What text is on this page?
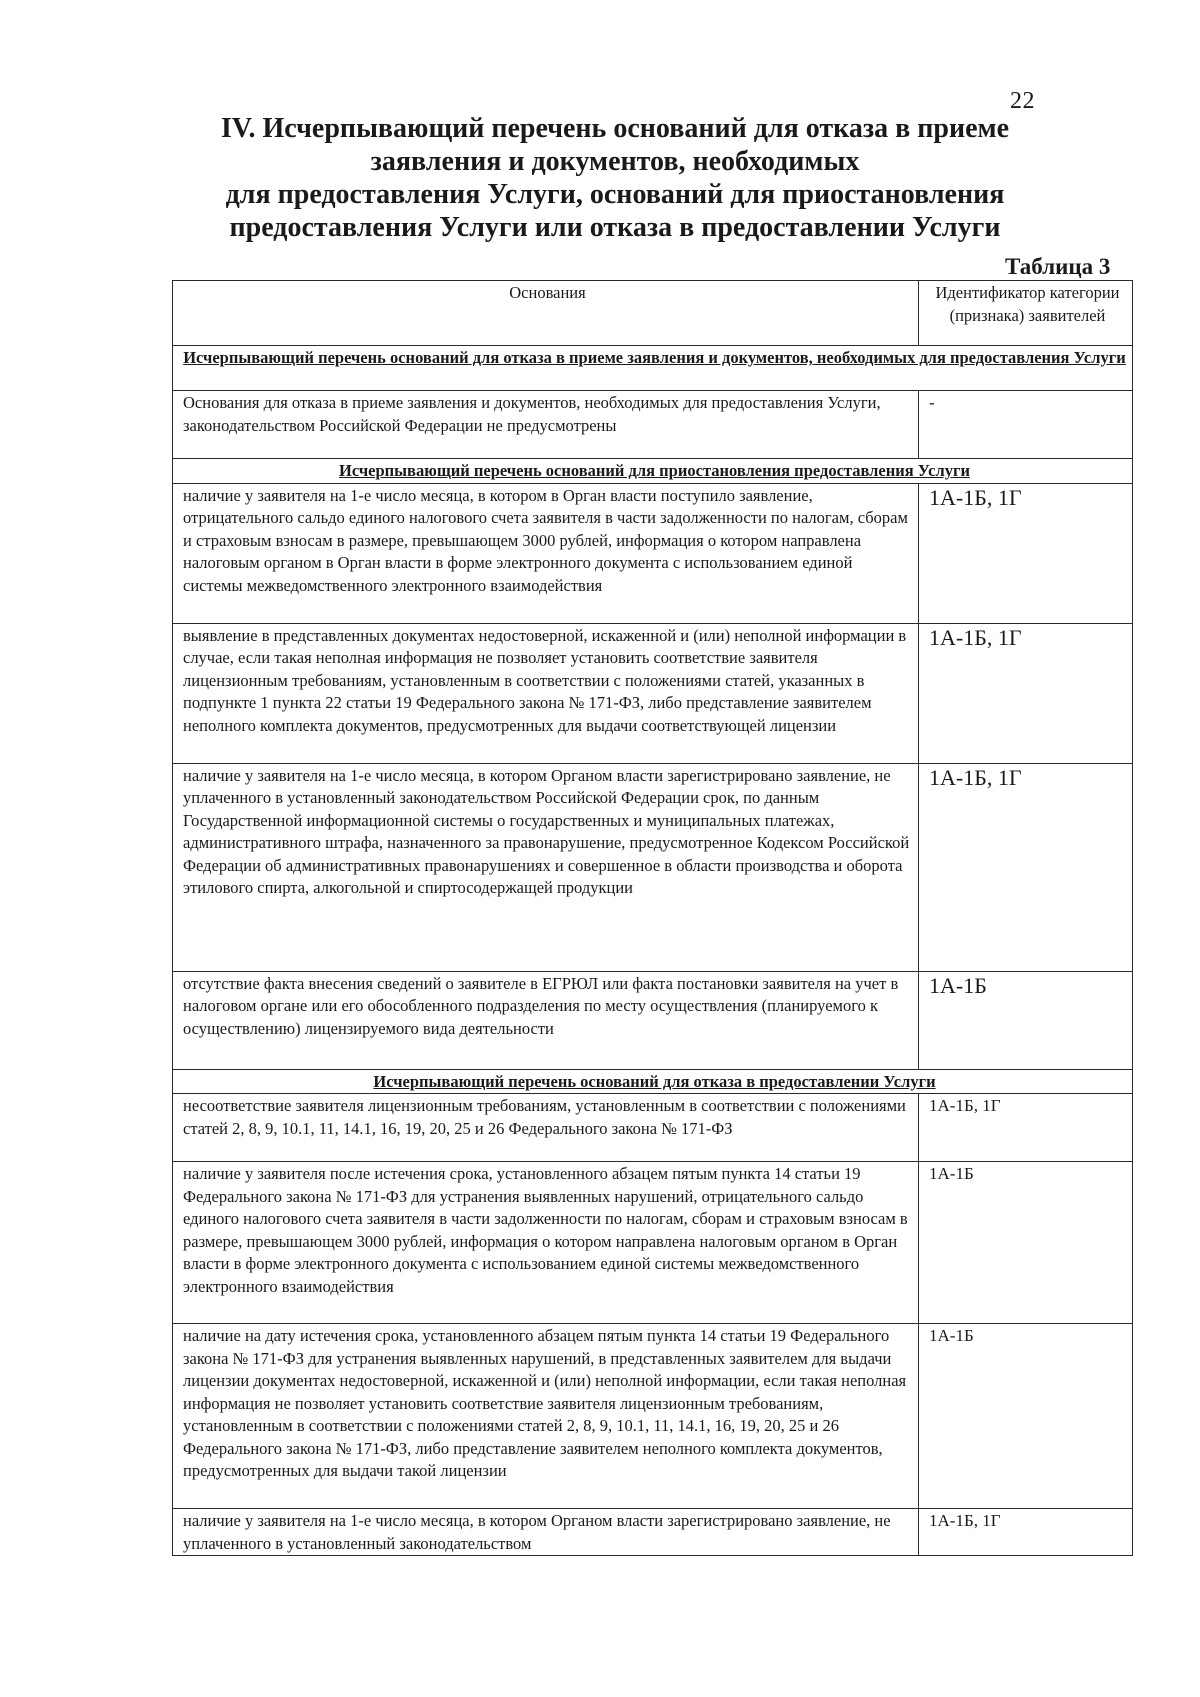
22
IV. Исчерпывающий перечень оснований для отказа в приеме
заявления и документов, необходимых
для предоставления Услуги, оснований для приостановления
предоставления Услуги или отказа в предоставлении Услуги
Таблица 3
Основания	Идентификатор категории (признака) заявителей
Исчерпывающий перечень оснований для отказа в приеме заявления и документов, необходимых для предоставления Услуги	
Основания для отказа в приеме заявления и документов, необходимых для предоставления Услуги, законодательством Российской Федерации не предусмотрены	-
Исчерпывающий перечень оснований для приостановления предоставления Услуги	
наличие у заявителя на 1-е число месяца, в котором в Орган власти поступило заявление, отрицательного сальдо единого налогового счета заявителя в части задолженности по налогам, сборам и страховым взносам в размере, превышающем 3000 рублей, информация о котором направлена налоговым органом в Орган власти в форме электронного документа с использованием единой системы межведомственного электронного взаимодействия	1А-1Б, 1Г
выявление в представленных документах недостоверной, искаженной и (или) неполной информации в случае, если такая неполная информация не позволяет установить соответствие заявителя лицензионным требованиям, установленным в соответствии с положениями статей, указанных в подпункте 1 пункта 22 статьи 19 Федерального закона № 171-ФЗ, либо представление заявителем неполного комплекта документов, предусмотренных для выдачи соответствующей лицензии	1А-1Б, 1Г
наличие у заявителя на 1-е число месяца, в котором Органом власти зарегистрировано заявление, не уплаченного в установленный законодательством Российской Федерации срок, по данным Государственной информационной системы о государственных и муниципальных платежах, административного штрафа, назначенного за правонарушение, предусмотренное Кодексом Российской Федерации об административных правонарушениях и совершенное в области производства и оборота этилового спирта, алкогольной и спиртосодержащей продукции	1А-1Б, 1Г
отсутствие факта внесения сведений о заявителе в ЕГРЮЛ или факта постановки заявителя на учет в налоговом органе или его обособленного подразделения по месту осуществления (планируемого к осуществлению) лицензируемого вида деятельности	1А-1Б
Исчерпывающий перечень оснований для отказа в предоставлении Услуги	
несоответствие заявителя лицензионным требованиям, установленным в соответствии с положениями статей 2, 8, 9, 10.1, 11, 14.1, 16, 19, 20, 25 и 26 Федерального закона № 171-ФЗ	1А-1Б, 1Г
наличие у заявителя после истечения срока, установленного абзацем пятым пункта 14 статьи 19 Федерального закона № 171-ФЗ для устранения выявленных нарушений, отрицательного сальдо единого налогового счета заявителя в части задолженности по налогам, сборам и страховым взносам в размере, превышающем 3000 рублей, информация о котором направлена налоговым органом в Орган власти в форме электронного документа с использованием единой системы межведомственного электронного взаимодействия	1А-1Б
наличие на дату истечения срока, установленного абзацем пятым пункта 14 статьи 19 Федерального закона № 171-ФЗ для устранения выявленных нарушений, в представленных заявителем для выдачи лицензии документах недостоверной, искаженной и (или) неполной информации, если такая неполная информация не позволяет установить соответствие заявителя лицензионным требованиям, установленным в соответствии с положениями статей 2, 8, 9, 10.1, 11, 14.1, 16, 19, 20, 25 и 26 Федерального закона № 171-ФЗ, либо представление заявителем неполного комплекта документов, предусмотренных для выдачи такой лицензии	1А-1Б
наличие у заявителя на 1-е число месяца, в котором Органом власти зарегистрировано заявление, не уплаченного в установленный законодательством	1А-1Б, 1Г
